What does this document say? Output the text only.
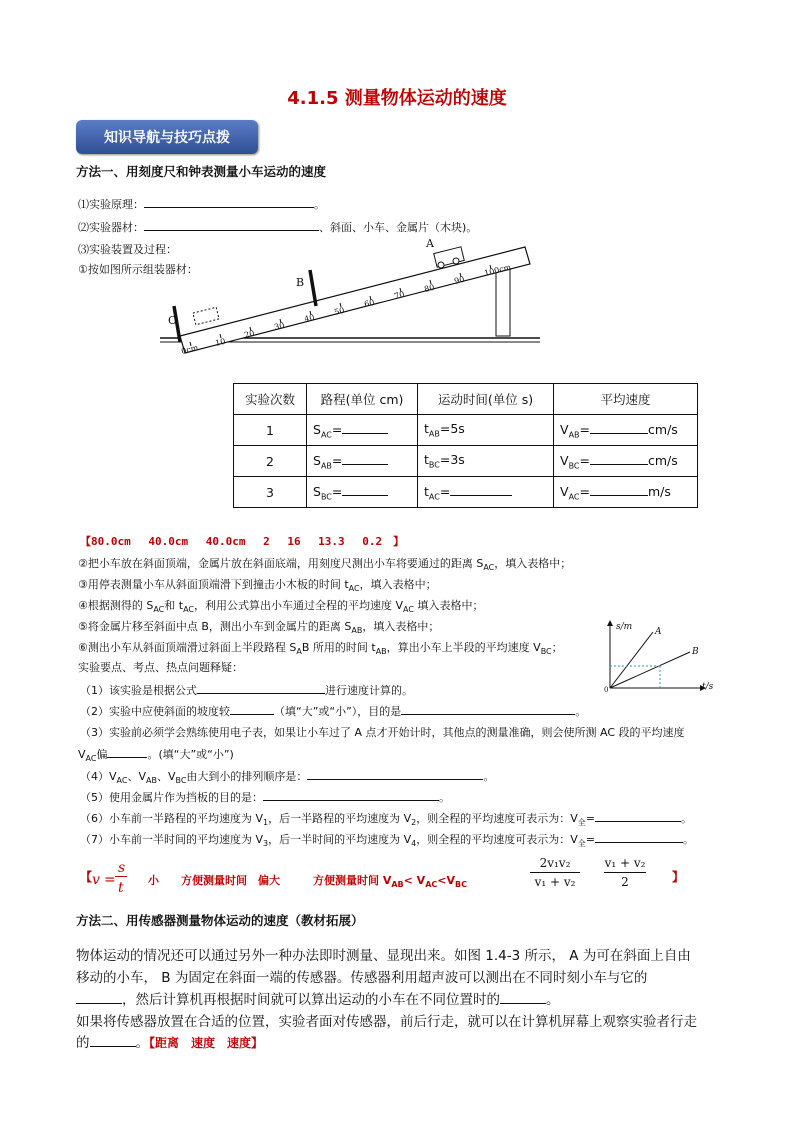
4.1.5 测量物体运动的速度
知识导航与技巧点拨
方法一、用刻度尺和钟表测量小车运动的速度
⑴实验原理：	。
⑵实验器材：	、斜面、小车、金属片（木块)。
⑶实验装置及过程：
①按如图所示组装器材：
0cm
10
20
30
40
50
60
70
80
90
100cm
A
B
C
实验次数	路程(单位 cm)	运动时间(单位 s)	平均速度
1	$S_{AC}=$	$t_{AB}=5s$	$V_{AB}= cm/s$
2	$S_{AB}=$	$t_{BC}=3s$	$V_{BC}= cm/s$
3	$S_{BC}=$	$t_{AC}=$	$V_{AC}= m/s$
【80.0cm　 40.0cm　 40.0cm　 2　 16　 13.3　 0.2　】
②把小车放在斜面顶端，金属片放在斜面底端，用刻度尺测出小车将要通过的距离 $S_{AC}$，填入表格中；
③用停表测量小车从斜面顶端滑下到撞击小木板的时间 $t_{AC}$，填入表格中；
④根据测得的 $S_{AC}$和 $t_{AC}$，利用公式算出小车通过全程的平均速度 $V_{AC}$ 填入表格中；
⑤将金属片移至斜面中点 B，测出小车到金属片的距离 $S_{AB}$，填入表格中；
⑥测出小车从斜面顶端滑过斜面上半段路程 $S_AB$ 所用的时间 $t_{AB}$，算出小车上半段的平均速度 $V_{BC}$；
实验要点、考点、热点问题释疑：
s/m
t/s
0
A
B
（1）该实验是根据公式	进行速度计算的。
（2）实验中应使斜面的坡度较	（填“大”或“小”），目的是	。
（3）实验前必须学会熟练使用电子表，如果让小车过了 A 点才开始计时，其他点的测量准确，则会使所测 AC 段的平均速度
$V_{AC}$偏	。(填“大”或“小”)
$(4)V_{AC}$、$V_{AB}$、$V_{BC}$由大到小的排列顺序是：	。
（5）使用金属片作为挡板的目的是：	。
（6）小车前一半路程的平均速度为 $V_1$，后一半路程的平均速度为 $V_2$，则全程的平均速度可表示为：$V_全=$	。
（7）小车前一半时间的平均速度为 $V_3$，后一半时间的平均速度为 $V_4$，则全程的平均速度可表示为：$V_全=$	。
【 v =
s
t 小　　 方便测量时间　 偏大　　　	方便测量时间 $V_{AB}< V_{AC}<V_{BC}$
2v₁v₂
v₁ + v₂
v₁ + v₂
2	】
方法二、用传感器测量物体运动的速度（教材拓展）
物体运动的情况还可以通过另外一种办法即时测量、显现出来。如图 1.4-3 所示， A 为可在斜面上自由
移动的小车， B 为固定在斜面一端的传感器。传感器利用超声波可以测出在不同时刻小车与它的
，然后计算机再根据时间就可以算出运动的小车在不同位置时的	。
如果将传感器放置在合适的位置，实验者面对传感器，前后行走，就可以在计算机屏幕上观察实验者行走
的	。【距离　速度　速度】
